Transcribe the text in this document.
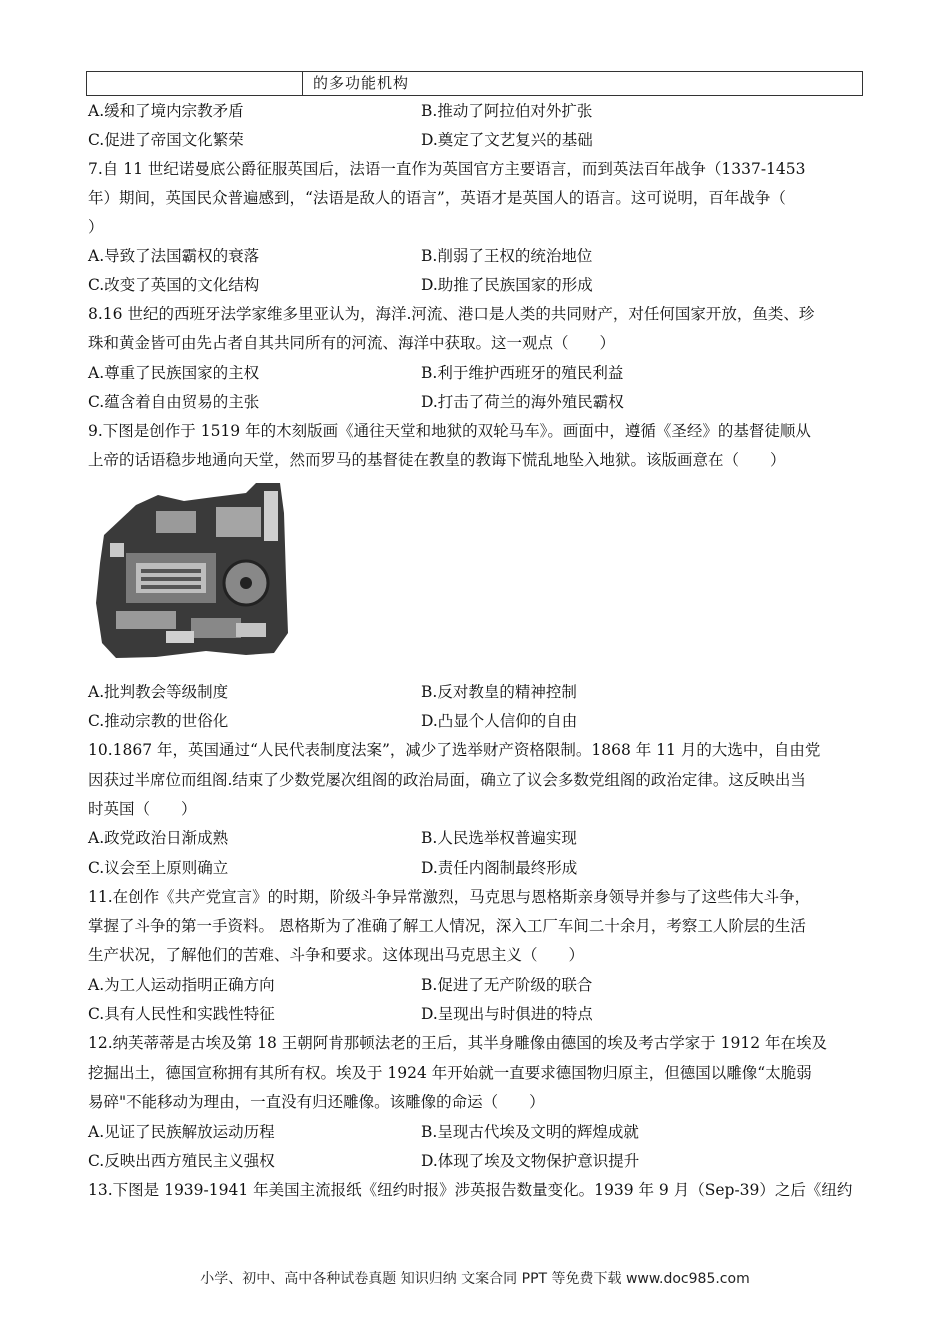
的多功能机构
A.缓和了境内宗教矛盾	B.推动了阿拉伯对外扩张
C.促进了帝国文化繁荣	D.奠定了文艺复兴的基础
7.自 11 世纪诺曼底公爵征服英国后，法语一直作为英国官方主要语言，而到英法百年战争（1337-1453
年）期间，英国民众普遍感到，“法语是敌人的语言”，英语才是英国人的语言。这可说明，百年战争（
）
A.导致了法国霸权的衰落	B.削弱了王权的统治地位
C.改变了英国的文化结构	D.助推了民族国家的形成
8.16 世纪的西班牙法学家维多里亚认为，海洋.河流、港口是人类的共同财产，对任何国家开放，鱼类、珍
珠和黄金皆可由先占者自其共同所有的河流、海洋中获取。这一观点（　　）
A.尊重了民族国家的主权	B.利于维护西班牙的殖民利益
C.蕴含着自由贸易的主张	D.打击了荷兰的海外殖民霸权
9.下图是创作于 1519 年的木刻版画《通往天堂和地狱的双轮马车》。画面中，遵循《圣经》的基督徒顺从
上帝的话语稳步地通向天堂，然而罗马的基督徒在教皇的教诲下慌乱地坠入地狱。该版画意在（　　）
A.批判教会等级制度	B.反对教皇的精神控制
C.推动宗教的世俗化	D.凸显个人信仰的自由
10.1867 年，英国通过“人民代表制度法案”，减少了选举财产资格限制。1868 年 11 月的大选中，自由党
因获过半席位而组阁.结束了少数党屡次组阁的政治局面，确立了议会多数党组阁的政治定律。这反映出当
时英国（　　）
A.政党政治日渐成熟	B.人民选举权普遍实现
C.议会至上原则确立	D.责任内阁制最终形成
11.在创作《共产党宣言》的时期，阶级斗争异常激烈，马克思与恩格斯亲身领导并参与了这些伟大斗争，
掌握了斗争的第一手资料。 恩格斯为了准确了解工人情况，深入工厂车间二十余月，考察工人阶层的生活
生产状况，了解他们的苦难、斗争和要求。这体现出马克思主义（　　）
A.为工人运动指明正确方向	B.促进了无产阶级的联合
C.具有人民性和实践性特征	D.呈现出与时俱进的特点
12.纳芙蒂蒂是古埃及第 18 王朝阿肯那顿法老的王后，其半身雕像由德国的埃及考古学家于 1912 年在埃及
挖掘出土，德国宣称拥有其所有权。埃及于 1924 年开始就一直要求德国物归原主，但德国以雕像“太脆弱
易碎"不能移动为理由，一直没有归还雕像。该雕像的命运（　　）
A.见证了民族解放运动历程	B.呈现古代埃及文明的辉煌成就
C.反映出西方殖民主义强权	D.体现了埃及文物保护意识提升
13.下图是 1939-1941 年美国主流报纸《纽约时报》涉英报告数量变化。1939 年 9 月（Sep-39）之后《纽约
小学、初中、高中各种试卷真题 知识归纳 文案合同 PPT 等免费下载 www.doc985.com
